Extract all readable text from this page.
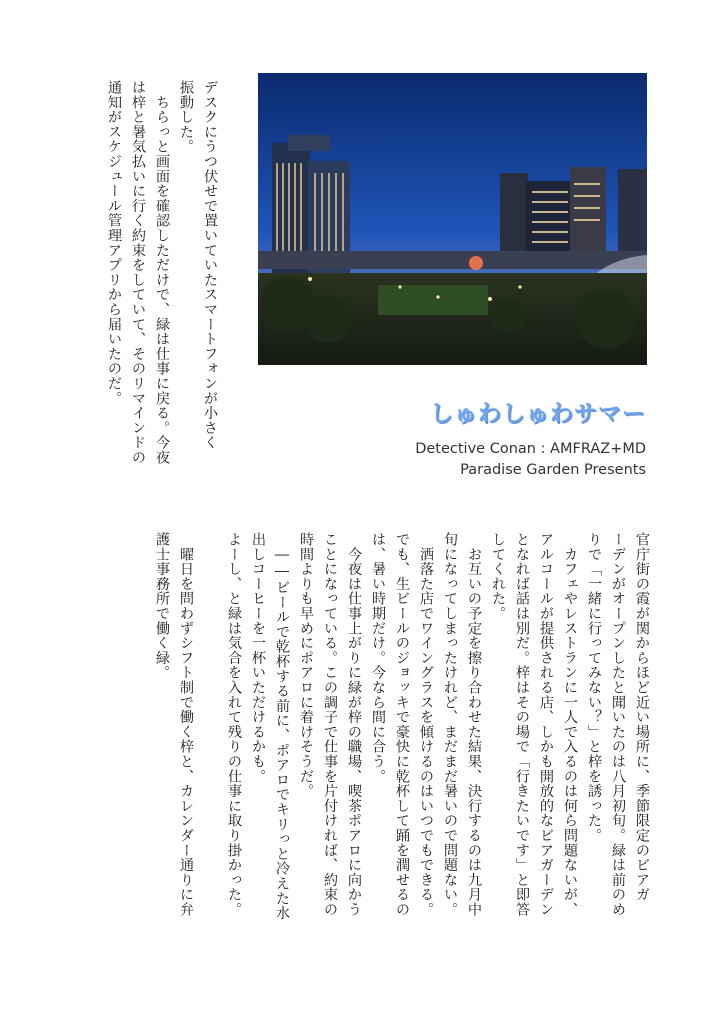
デスクにうつ伏せで置いていたスマートフォンが小さく
振動した。
　ちらっと画面を確認しただけで、緑は仕事に戻る。今夜
は梓と暑気払いに行く約束をしていて、そのリマインドの
通知がスケジュール管理アプリから届いたのだ。
しゅわしゅわサマー
Detective Conan : AMFRAZ+MD
Paradise Garden Presents
官庁街の霞が関からほど近い場所に、季節限定のビアガ
ーデンがオープンしたと聞いたのは八月初旬。緑は前のめ
りで「一緒に行ってみない？」と梓を誘った。
　カフェやレストランに一人で入るのは何ら問題ないが、
アルコールが提供される店、しかも開放的なビアガーデン
となれば話は別だ。梓はその場で「行きたいです」と即答
してくれた。
　お互いの予定を擦り合わせた結果、決行するのは九月中
旬になってしまったけれど、まだまだ暑いので問題ない。
　洒落た店でワイングラスを傾けるのはいつでもできる。
でも、生ビールのジョッキで豪快に乾杯して踊を潤せるの
は、暑い時期だけ。今なら間に合う。
　今夜は仕事上がりに緑が梓の職場、喫茶ポアロに向かう
ことになっている。この調子で仕事を片付ければ、約束の
時間よりも早めにポアロに着けそうだ。
　――ビールで乾杯する前に、ポアロでキリっと冷えた水
出しコーヒーを一杯いただけるかも。
よーし、と緑は気合を入れて残りの仕事に取り掛かった。

　曜日を問わずシフト制で働く梓と、カレンダー通りに弁
護士事務所で働く緑。
